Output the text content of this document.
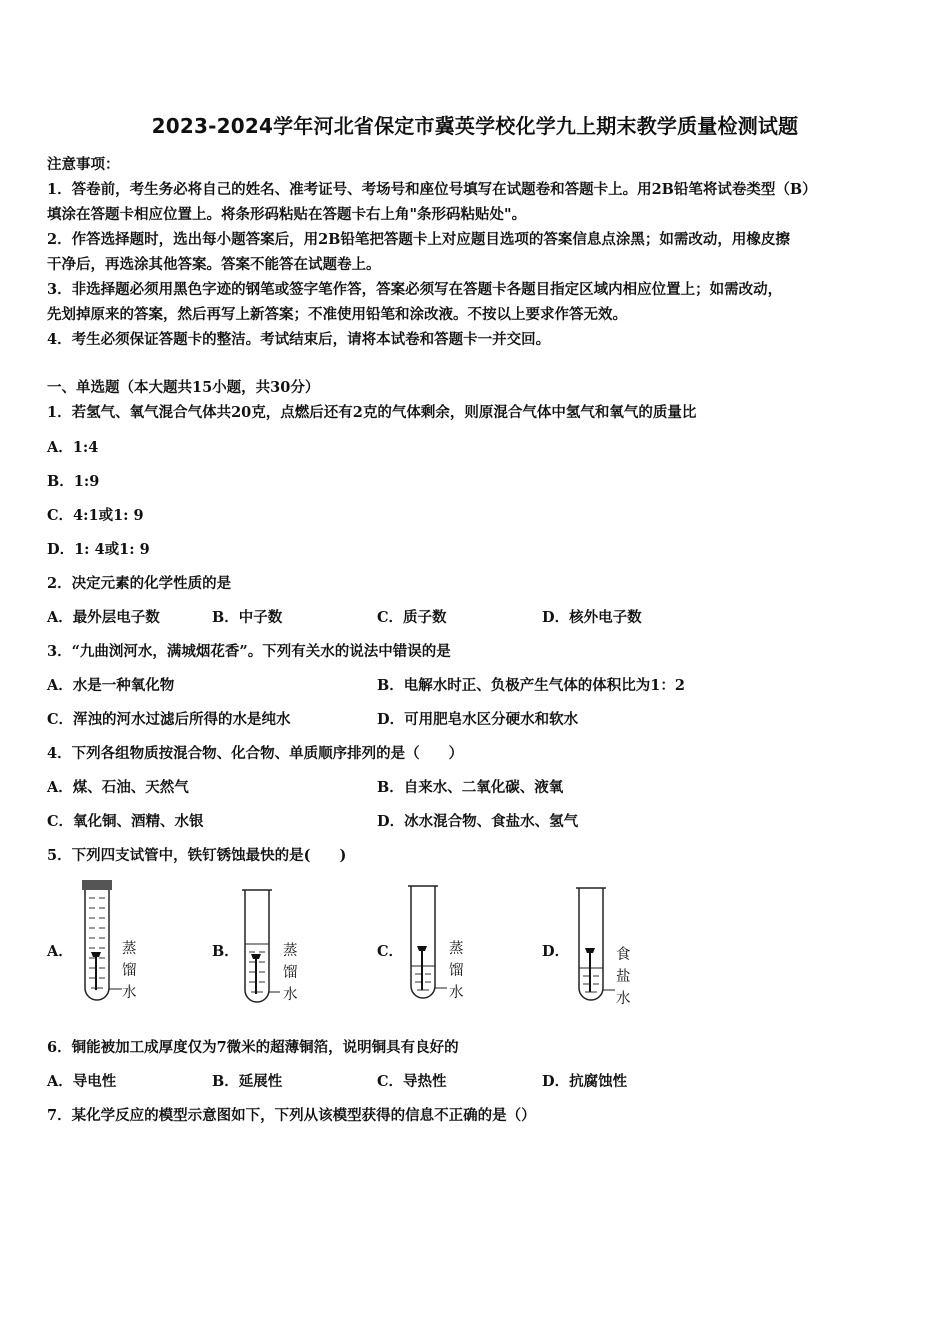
2023-2024学年河北省保定市冀英学校化学九上期末教学质量检测试题
注意事项：
1．答卷前，考生务必将自己的姓名、准考证号、考场号和座位号填写在试题卷和答题卡上。用2B铅笔将试卷类型（B）
填涂在答题卡相应位置上。将条形码粘贴在答题卡右上角"条形码粘贴处"。
2．作答选择题时，选出每小题答案后，用2B铅笔把答题卡上对应题目选项的答案信息点涂黑；如需改动，用橡皮擦
干净后，再选涂其他答案。答案不能答在试题卷上。
3．非选择题必须用黑色字迹的钢笔或签字笔作答，答案必须写在答题卡各题目指定区域内相应位置上；如需改动，
先划掉原来的答案，然后再写上新答案；不准使用铅笔和涂改液。不按以上要求作答无效。
4．考生必须保证答题卡的整洁。考试结束后，请将本试卷和答题卡一并交回。
一、单选题（本大题共15小题，共30分）
1．若氢气、氧气混合气体共20克，点燃后还有2克的气体剩余，则原混合气体中氢气和氧气的质量比
A．1:4
B．1:9
C．4:1或1: 9
D．1: 4或1: 9
2．决定元素的化学性质的是
A．最外层电子数	B．中子数	C．质子数	D．核外电子数
3．“九曲浏河水，满城烟花香”。下列有关水的说法中错误的是
A．水是一种氧化物	B．电解水时正、负极产生气体的体积比为1：2
C．浑浊的河水过滤后所得的水是纯水	D．可用肥皂水区分硬水和软水
4．下列各组物质按混合物、化合物、单质顺序排列的是（　　）
A．煤、石油、天然气	B．自来水、二氧化碳、液氧
C．氧化铜、酒精、水银	D．冰水混合物、食盐水、氢气
5．下列四支试管中，铁钉锈蚀最快的是(　　)
A．	蒸
馏
水
B．	蒸
馏
水
C．	蒸
馏
水
D．	食
盐
水
6．铜能被加工成厚度仅为7微米的超薄铜箔，说明铜具有良好的
A．导电性	B．延展性	C．导热性	D．抗腐蚀性
7．某化学反应的模型示意图如下，下列从该模型获得的信息不正确的是（）
